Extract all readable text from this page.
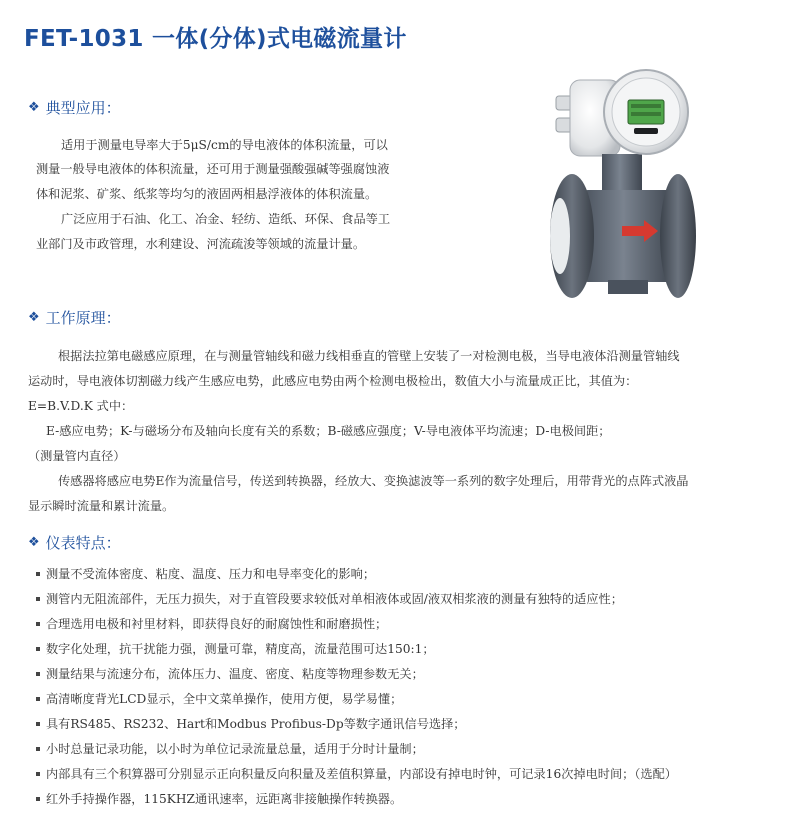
FET-1031 一体(分体)式电磁流量计
❖ 典型应用：

适用于测量电导率大于5μS/cm的导电液体的体积流量，可以

测量一般导电液体的体积流量，还可用于测量强酸强碱等强腐蚀液

体和泥浆、矿浆、纸浆等均匀的液固两相悬浮液体的体积流量。

广泛应用于石油、化工、冶金、轻纺、造纸、环保、食品等工

业部门及市政管理，水利建设、河流疏浚等领域的流量计量。

❖ 工作原理：

根据法拉第电磁感应原理，在与测量管轴线和磁力线相垂直的管壁上安装了一对检测电极，当导电液体沿测量管轴线

运动时，导电液体切割磁力线产生感应电势，此感应电势由两个检测电极检出，数值大小与流量成正比，其值为：

E=B.V.D.K 式中：

E-感应电势；K-与磁场分布及轴向长度有关的系数；B-磁感应强度；V-导电液体平均流速；D-电极间距；

（测量管内直径）

传感器将感应电势E作为流量信号，传送到转换器，经放大、变换滤波等一系列的数字处理后，用带背光的点阵式液晶

显示瞬时流量和累计流量。

❖ 仪表特点：
测量不受流体密度、粘度、温度、压力和电导率变化的影响；
测管内无阻流部件，无压力损失，对于直管段要求较低对单相液体或固/液双相浆液的测量有独特的适应性；
合理选用电极和衬里材料，即获得良好的耐腐蚀性和耐磨损性；
数字化处理，抗干扰能力强，测量可靠，精度高，流量范围可达150:1；
测量结果与流速分布，流体压力、温度、密度、粘度等物理参数无关；
高清晰度背光LCD显示，全中文菜单操作，使用方便，易学易懂；
具有RS485、RS232、Hart和Modbus Profibus-Dp等数字通讯信号选择；
小时总量记录功能，以小时为单位记录流量总量，适用于分时计量制；
内部具有三个积算器可分别显示正向积量反向积量及差值积算量，内部设有掉电时钟，可记录16次掉电时间；（选配）
红外手持操作器，115KHZ通讯速率，远距离非接触操作转换器。
